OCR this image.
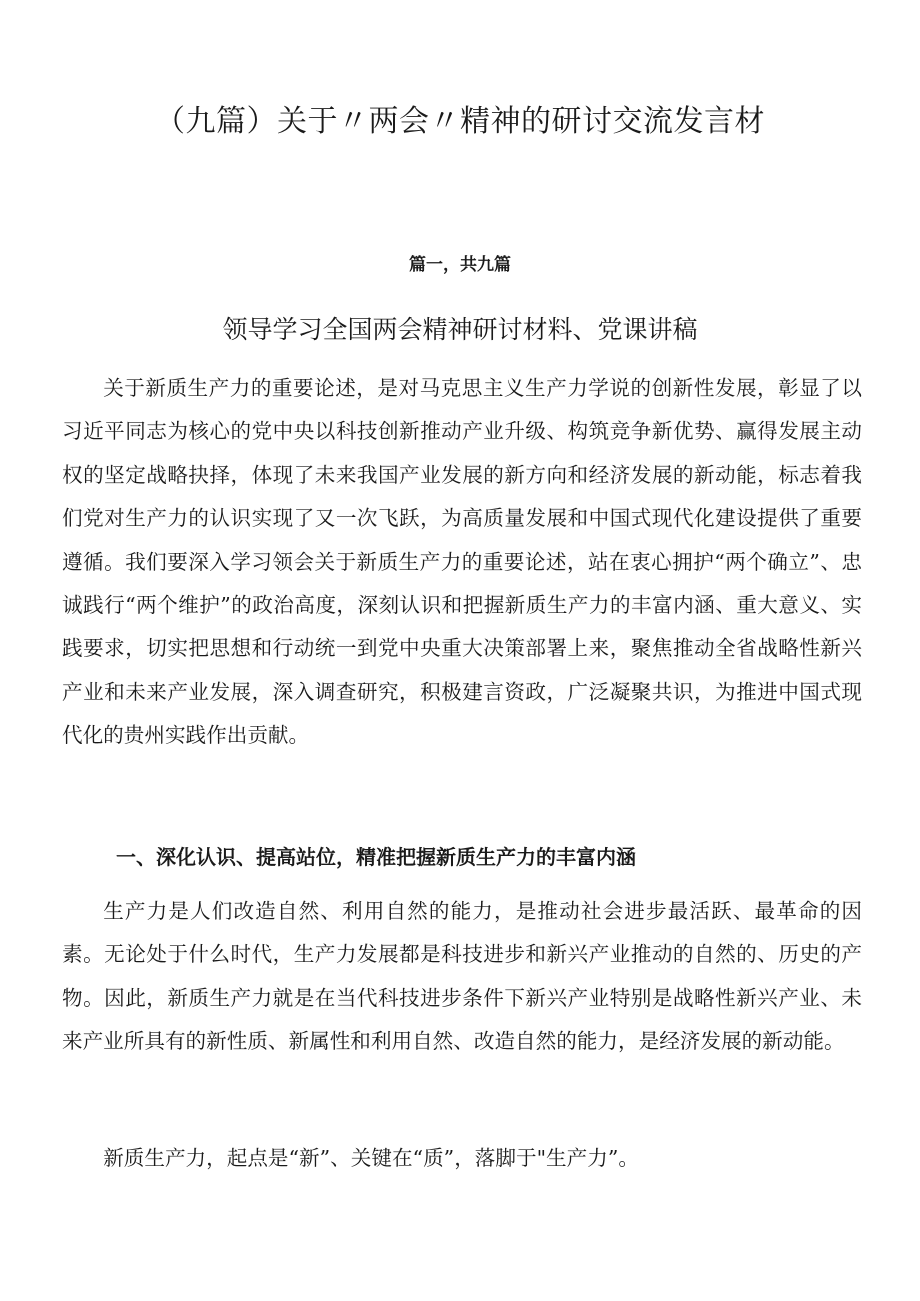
（九篇）关于〃两会〃精神的研讨交流发言材
篇一，共九篇
领导学习全国两会精神研讨材料、党课讲稿

关于新质生产力的重要论述，是对马克思主义生产力学说的创新性发展，彰显了以习近平同志为核心的党中央以科技创新推动产业升级、构筑竞争新优势、赢得发展主动权的坚定战略抉择，体现了未来我国产业发展的新方向和经济发展的新动能，标志着我们党对生产力的认识实现了又一次飞跃，为高质量发展和中国式现代化建设提供了重要遵循。我们要深入学习领会关于新质生产力的重要论述，站在衷心拥护“两个确立”、忠诚践行“两个维护”的政治高度，深刻认识和把握新质生产力的丰富内涵、重大意义、实践要求，切实把思想和行动统一到党中央重大决策部署上来，聚焦推动全省战略性新兴产业和未来产业发展，深入调查研究，积极建言资政，广泛凝聚共识，为推进中国式现代化的贵州实践作出贡献。

一、深化认识、提高站位，精准把握新质生产力的丰富内涵

生产力是人们改造自然、利用自然的能力，是推动社会进步最活跃、最革命的因素。无论处于什么时代，生产力发展都是科技进步和新兴产业推动的自然的、历史的产物。因此，新质生产力就是在当代科技进步条件下新兴产业特别是战略性新兴产业、未来产业所具有的新性质、新属性和利用自然、改造自然的能力，是经济发展的新动能。

新质生产力，起点是“新”、关键在“质”，落脚于"生产力”。
